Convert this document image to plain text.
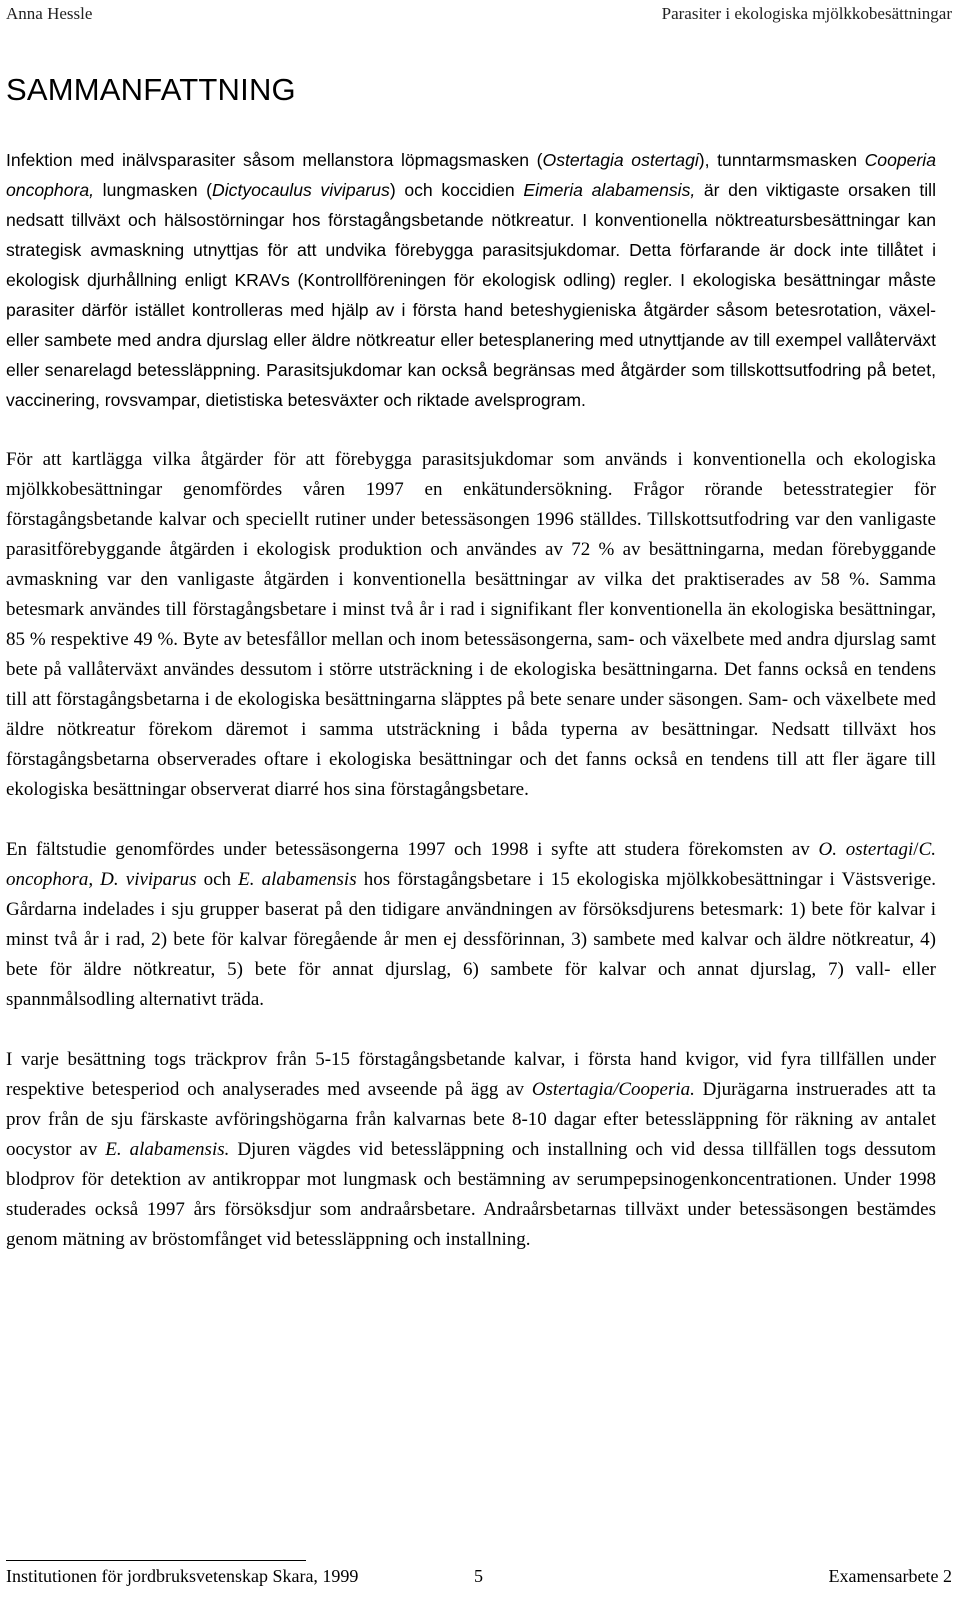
Anna Hessle	Parasiter i ekologiska mjölkkobesättningar
SAMMANFATTNING

Infektion med inälvsparasiter såsom mellanstora löpmagsmasken (Ostertagia ostertagi), tunntarmsmasken Cooperia oncophora, lungmasken (Dictyocaulus viviparus) och koccidien Eimeria alabamensis, är den viktigaste orsaken till nedsatt tillväxt och hälsostörningar hos förstagångsbetande nötkreatur. I konventionella nöktreatursbesättningar kan strategisk avmaskning utnyttjas för att undvika förebygga parasitsjukdomar. Detta förfarande är dock inte tillåtet i ekologisk djurhållning enligt KRAVs (Kontrollföreningen för ekologisk odling) regler. I ekologiska besättningar måste parasiter därför istället kontrolleras med hjälp av i första hand beteshygieniska åtgärder såsom betesrotation, växel- eller sambete med andra djurslag eller äldre nötkreatur eller betesplanering med utnyttjande av till exempel vallåterväxt eller senarelagd betessläppning. Parasitsjukdomar kan också begränsas med åtgärder som tillskottsutfodring på betet, vaccinering, rovsvampar, dietistiska betesväxter och riktade avelsprogram.

För att kartlägga vilka åtgärder för att förebygga parasitsjukdomar som används i konventionella och ekologiska mjölkkobesättningar genomfördes våren 1997 en enkätundersökning. Frågor rörande betesstrategier för förstagångsbetande kalvar och speciellt rutiner under betessäsongen 1996 ställdes. Tillskottsutfodring var den vanligaste parasitförebyggande åtgärden i ekologisk produktion och användes av 72 % av besättningarna, medan förebyggande avmaskning var den vanligaste åtgärden i konventionella besättningar av vilka det praktiserades av 58 %. Samma betesmark användes till förstagångsbetare i minst två år i rad i signifikant fler konventionella än ekologiska besättningar, 85 % respektive 49 %. Byte av betesfållor mellan och inom betessäsongerna, sam- och växelbete med andra djurslag samt bete på vallåterväxt användes dessutom i större utsträckning i de ekologiska besättningarna. Det fanns också en tendens till att förstagångsbetarna i de ekologiska besättningarna släpptes på bete senare under säsongen. Sam- och växelbete med äldre nötkreatur förekom däremot i samma utsträckning i båda typerna av besättningar. Nedsatt tillväxt hos förstagångsbetarna observerades oftare i ekologiska besättningar och det fanns också en tendens till att fler ägare till ekologiska besättningar observerat diarré hos sina förstagångsbetare.

En fältstudie genomfördes under betessäsongerna 1997 och 1998 i syfte att studera förekomsten av O. ostertagi/C. oncophora, D. viviparus och E. alabamensis hos förstagångsbetare i 15 ekologiska mjölkkobesättningar i Västsverige. Gårdarna indelades i sju grupper baserat på den tidigare användningen av försöksdjurens betesmark: 1) bete för kalvar i minst två år i rad, 2) bete för kalvar föregående år men ej dessförinnan, 3) sambete med kalvar och äldre nötkreatur, 4) bete för äldre nötkreatur, 5) bete för annat djurslag, 6) sambete för kalvar och annat djurslag, 7) vall- eller spannmålsodling alternativt träda.

I varje besättning togs träckprov från 5-15 förstagångsbetande kalvar, i första hand kvigor, vid fyra tillfällen under respektive betesperiod och analyserades med avseende på ägg av Ostertagia/Cooperia. Djurägarna instruerades att ta prov från de sju färskaste avföringshögarna från kalvarnas bete 8-10 dagar efter betessläppning för räkning av antalet oocystor av E. alabamensis. Djuren vägdes vid betessläppning och installning och vid dessa tillfällen togs dessutom blodprov för detektion av antikroppar mot lungmask och bestämning av serumpepsinogenkoncentrationen. Under 1998 studerades också 1997 års försöksdjur som andraårsbetare. Andraårsbetarnas tillväxt under betessäsongen bestämdes genom mätning av bröstomfånget vid betessläppning och installning.

Institutionen för jordbruksvetenskap Skara, 1999	5	Examensarbete 2
